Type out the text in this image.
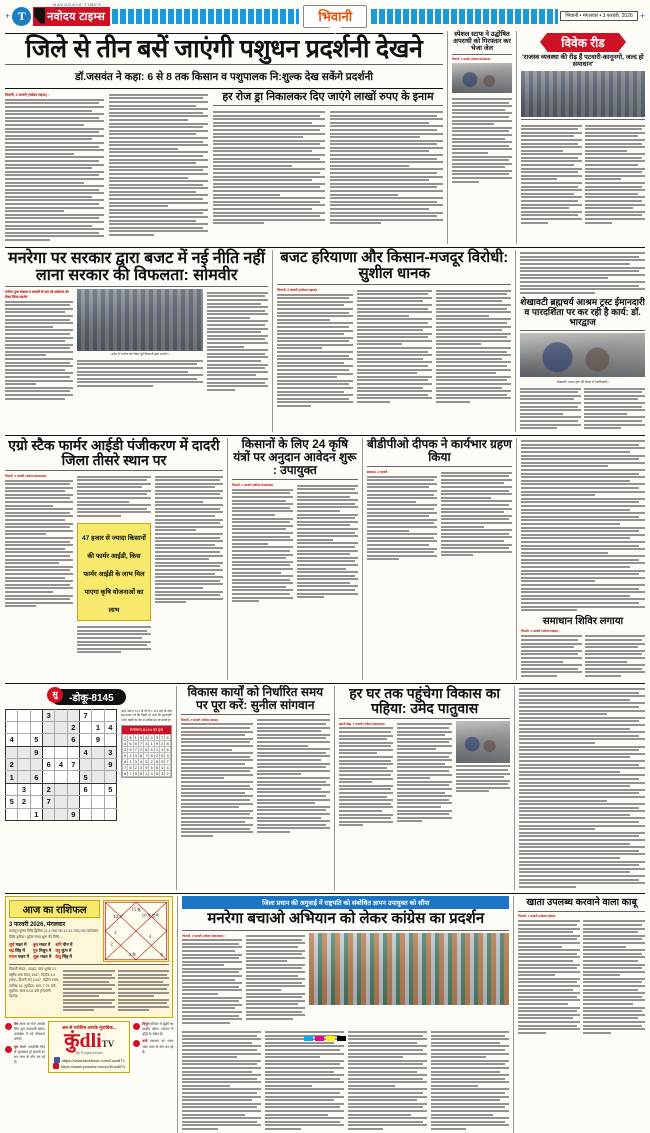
+ T
NAVODAYA TIMES
नवोदय टाइम्स	भिवानी	भिवानी • मंगलवार • 3 फरवरी, 2026 +
जिले से तीन बसें जाएंगी पशुधन प्रदर्शनी देखने
डॉ.जसवंत ने कहा: 6 से 8 तक किसान व पशुपालक नि:शुल्क देख सकेंगे प्रदर्शनी
भिवानी, 2 फरवरी (नवोदय टाइम्स) :	हर रोज ड्रा निकालकर दिए जाएंगे लाखों रुपए के इनाम
स्पेशल स्टाफ ने उद्घोषित अपराधी को गिरफ्तार कर भेजा जेल
भिवानी, 2 फरवरी (नवोदय संवाददाता):
विवेक रीड
'राजस्व व्यवस्था की रीढ़ हैं पटवारी-कानूनगो, जल्द हो समाधान'
मनरेगा पर सरकार द्वारा बजट में नई नीति नहीं लाना सरकार की विफलता: सोमवीर
मनरेगा दुग्ध बकाया व चावलों के चल रहे आंदोलन को लेकर किया प्रदर्शन
प्रदेश में मनरेगा को लेकर पूर्व किसानों द्वारा प्रदर्शन।
बजट हरियाणा और किसान-मजदूर विरोधी: सुशील धानक
भिवानी, 2 फरवरी (नवोदय टाइम्स) :
शेखावटी ब्रह्मचर्य आश्रम ट्रस्ट ईमानदारी व पारदर्शिता पर कर रही है कार्य: डॉ. भारद्वाज
शेखावटी आश्रम ट्रस्ट की बैठक में पदाधिकारी।
एग्रो स्टैक फार्मर आईडी पंजीकरण में दादरी जिला तीसरे स्थान पर
भिवानी, 2 फरवरी (नवोदय संवाददाता):
47 हजार से ज्यादा किसानों की फार्मर आईडी, किस फार्मर आईडी के लाभ मिल पाएगा कृषि योजनाओं का लाभ
किसानों के लिए 24 कृषि यंत्रों पर अनुदान आवेदन शुरू : उपायुक्त
भिवानी, 2 फरवरी (नवोदय संवाददाता):
बीडीपीओ दीपक ने कार्यभार ग्रहण किया
बाडापाउ, 2 फरवरी :
समाधान शिविर लगाया
भिवानी, 2 फरवरी (नवोदय टाइम्स) :
सु	-डोकू-8145
			3			7		
					2		1	4
4		5			6		9	
		9				4		3
2			6	4	7			9
1		6				5		
	3		2			6		5
5	2		7					
		1			9			
आड़े, खड़े व 3×3 के वर्ग में 1 से 9 तक के अंक इस प्रकार भरें कि किसी भी अंक की पुनरावृत्ति न हो। पहेली के एक से अधिक हल हो सकते हैं।
समाधान-8144 का हल
2	8	1	9	6	4	3	7	5
4	6	5	7	3	1	9	2	8
3	9	7	2	8	5	1	4	6
9	1	4	6	7	8	2	5	3
8	1	3	4	5	2	6	9	7
7	5	2	3	9	6	8	1	4
6	7	9	8	1	3	5	3	2
विकास कार्यों को निर्धारित समय पर पूरा करें: सुनील सांगवान
भिवानी, 2 फरवरी (नवोदय टाइम्स):
हर घर तक पहुंचेगा विकास का पहिया: उमेद पातुवास
बवानी खेड़ा, 2 फरवरी (नवोदय संवाददाता):
आज का राशिफल
3 फरवरी 2026, मंगलवार
फाल्गुन कृष्ण तिथि द्वितीया (3-4 मध्य रात 12.41 तक) तथा तदोपरांत तिथि तृतीया। चुडैल समय शुरू की तिथि :-
सूर्य मकर में
चंद्र सिंह में
मंगल मकर में
बुध मकर में
गुरु मिथुन में
शुक्र मकर में
शनि मीन में
राहु कुंभ में
केतु सिंह में
11 सू
12 चं	10 गु शु मं
1
2
4
3 के	5
विक्रमी संवत् : 2082, माघ शुक्ल 21, राष्ट्रीय शक संवत् 1947, दिनांक 14 (माघ), हिजरी सन् 1447, महीना रजब, तारीख 14, सूर्योदय: प्रात: 7.21 बजे, सूर्यास्त: सायं 6.02 बजे (भिवानी देहात)।
मेष आज का दिन आपके लिए शुभ फलदायी रहेगा। कार्यक्षेत्र में नई योजनाएं बनेंगी।
वृष किसी नजदीकी मित्र से मुलाकात हो सकती है। धन लाभ के योग बन रहे हैं।
अब से ज्योतिष आपके मुताबिक...
कुंdliTV
By Punjab Kesari
https://www.facebook.com/KundliTv
https://www.youtube.com/c/KundliTv
मिथुन परिवार में खुशी का माहौल रहेगा। व्यापार में वृद्धि के संकेत हैं।
कर्क स्वास्थ्य का ध्यान रखें। यात्रा के योग बन रहे हैं।
जिला प्रधान की अगुवाई में राष्ट्रपति को संबोधित ज्ञापन उपायुक्त को सौंपा
मनरेगा बचाओ अभियान को लेकर कांग्रेस का प्रदर्शन
भिवानी, 2 फरवरी (नवोदय संवाददाता) :
खाता उपलब्ध करवाने वाला काबू
भिवानी, 2 फरवरी (नवोदय टाइम्स):
